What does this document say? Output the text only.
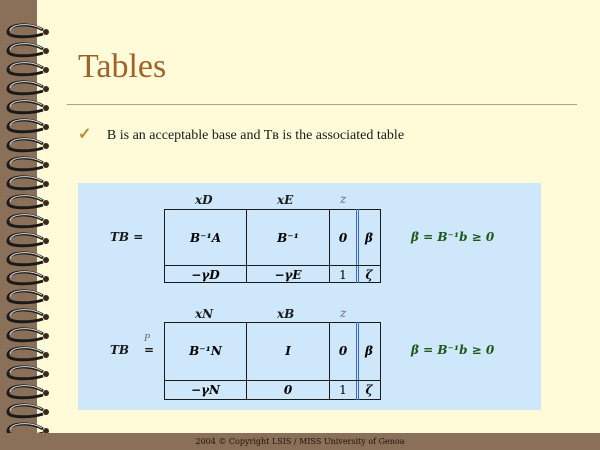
Tables
✓ B is an acceptable base and Tʙ is the associated table
xD	xE	z
TB =	B⁻¹A	B⁻¹	0	β
−γD	−γE	1	ζ
β = B⁻¹b ≥ 0
xN	xB	z
TB =
P
B⁻¹N	I	0	β
−γN	0	1	ζ
β = B⁻¹b ≥ 0
2004 © Copyright LSIS / MISS University of Genoa
